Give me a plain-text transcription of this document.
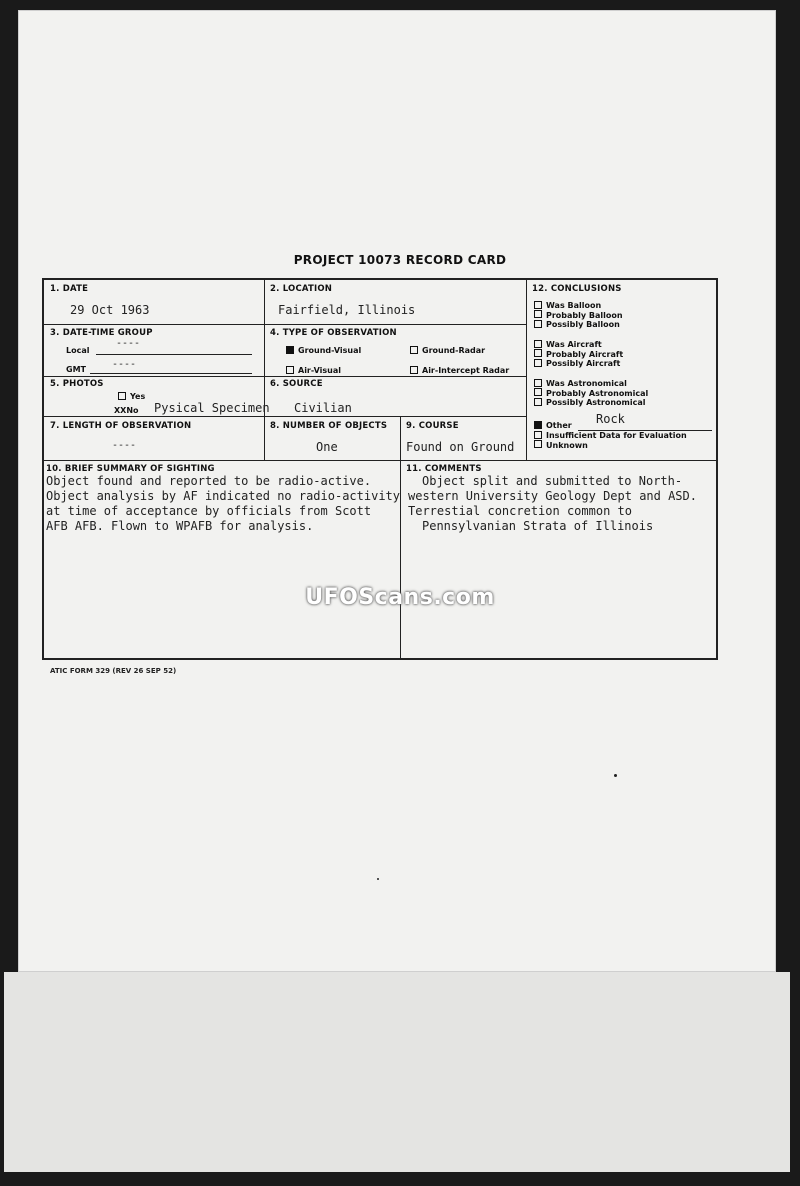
PROJECT 10073 RECORD CARD
1. DATE
29 Oct 1963
2. LOCATION
Fairfield, Illinois
3. DATE-TIME GROUP
Local
----
GMT	----
4. TYPE OF OBSERVATION
Ground-Visual	Ground-Radar
Air-Visual	Air-Intercept Radar
5. PHOTOS
Yes
XXNo Pysical Specimen
6. SOURCE
Civilian
7. LENGTH OF OBSERVATION
----
8. NUMBER OF OBJECTS
One
9. COURSE
Found on Ground
10. BRIEF SUMMARY OF SIGHTING
Object found and reported to be radio-active.
Object analysis by AF indicated no radio-activity
at time of acceptance by officials from Scott
AFB AFB. Flown to WPAFB for analysis.
11. COMMENTS
Object split and submitted to North-
western University Geology Dept and ASD.
Terrestial concretion common to
Pennsylvanian Strata of Illinois
12. CONCLUSIONS
Was Balloon
Probably Balloon
Possibly Balloon
Was Aircraft
Probably Aircraft
Possibly Aircraft
Was Astronomical
Probably Astronomical
Possibly Astronomical
Other Rock
Insufficient Data for Evaluation
Unknown
UFOScans.com
ATIC FORM 329 (REV 26 SEP 52)
